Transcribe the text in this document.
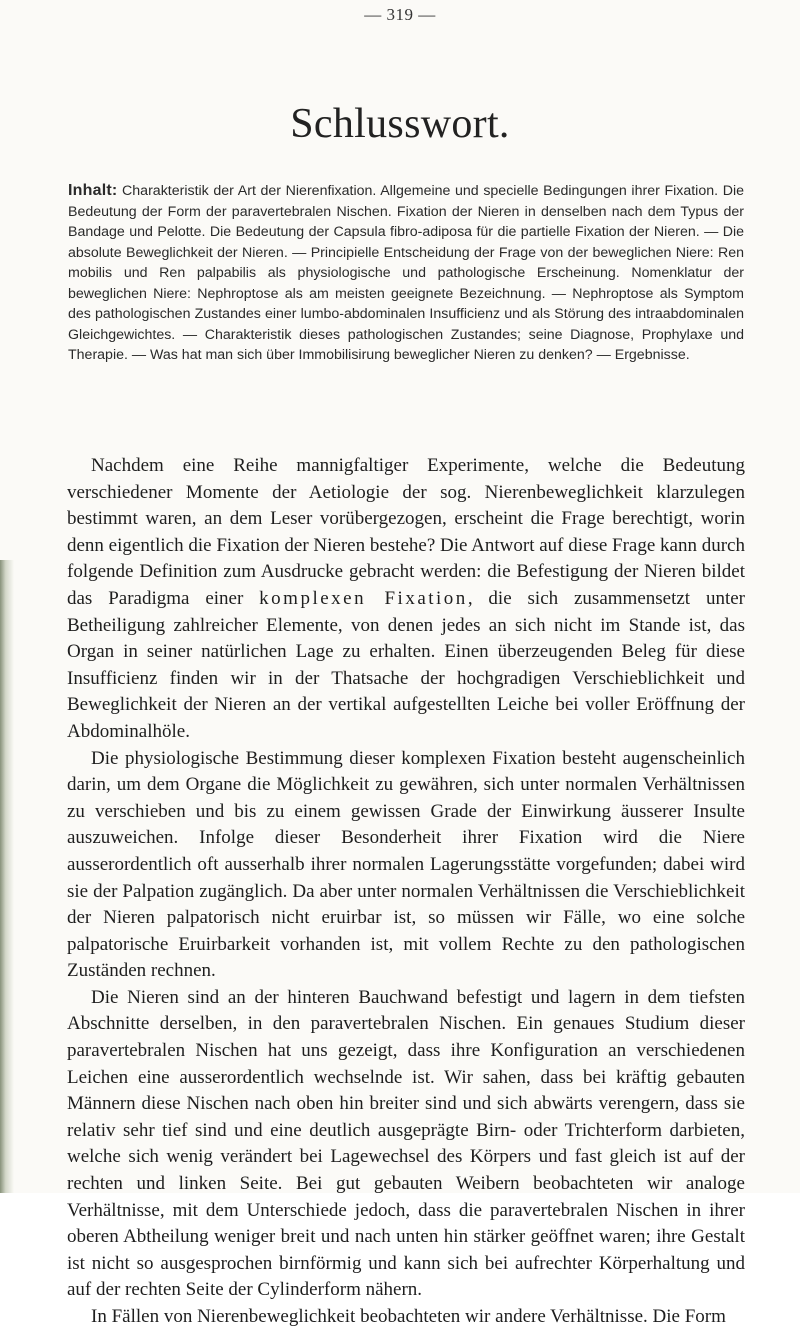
— 319 —
Schlusswort.
Inhalt: Charakteristik der Art der Nierenfixation. Allgemeine und specielle Bedingungen ihrer Fixation. Die Bedeutung der Form der paravertebralen Nischen. Fixation der Nieren in denselben nach dem Typus der Bandage und Pelotte. Die Bedeutung der Capsula fibro-adiposa für die partielle Fixation der Nieren. — Die absolute Beweglichkeit der Nieren. — Principielle Entscheidung der Frage von der beweglichen Niere: Ren mobilis und Ren palpabilis als physiologische und pathologische Erscheinung. Nomenklatur der beweglichen Niere: Nephroptose als am meisten geeignete Bezeichnung. — Nephroptose als Symptom des pathologischen Zustandes einer lumbo-abdominalen Insufficienz und als Störung des intraabdominalen Gleichgewichtes. — Charakteristik dieses pathologischen Zustandes; seine Diagnose, Prophylaxe und Therapie. — Was hat man sich über Immobilisirung beweglicher Nieren zu denken? — Ergebnisse.

Nachdem eine Reihe mannigfaltiger Experimente, welche die Bedeutung verschiedener Momente der Aetiologie der sog. Nierenbeweglichkeit klarzulegen bestimmt waren, an dem Leser vorübergezogen, erscheint die Frage berechtigt, worin denn eigentlich die Fixation der Nieren bestehe? Die Antwort auf diese Frage kann durch folgende Definition zum Ausdrucke gebracht werden: die Befestigung der Nieren bildet das Paradigma einer komplexen Fixation, die sich zusammensetzt unter Betheiligung zahlreicher Elemente, von denen jedes an sich nicht im Stande ist, das Organ in seiner natürlichen Lage zu erhalten. Einen überzeugenden Beleg für diese Insufficienz finden wir in der Thatsache der hochgradigen Verschieblichkeit und Beweglichkeit der Nieren an der vertikal aufgestellten Leiche bei voller Eröffnung der Abdominalhöle.

Die physiologische Bestimmung dieser komplexen Fixation besteht augenscheinlich darin, um dem Organe die Möglichkeit zu gewähren, sich unter normalen Verhältnissen zu verschieben und bis zu einem gewissen Grade der Einwirkung äusserer Insulte auszuweichen. Infolge dieser Besonderheit ihrer Fixation wird die Niere ausserordentlich oft ausserhalb ihrer normalen Lagerungsstätte vorgefunden; dabei wird sie der Palpation zugänglich. Da aber unter normalen Verhältnissen die Verschieblichkeit der Nieren palpatorisch nicht eruirbar ist, so müssen wir Fälle, wo eine solche palpatorische Eruirbarkeit vorhanden ist, mit vollem Rechte zu den pathologischen Zuständen rechnen.

Die Nieren sind an der hinteren Bauchwand befestigt und lagern in dem tiefsten Abschnitte derselben, in den paravertebralen Nischen. Ein genaues Studium dieser paravertebralen Nischen hat uns gezeigt, dass ihre Konfiguration an verschiedenen Leichen eine ausserordentlich wechselnde ist. Wir sahen, dass bei kräftig gebauten Männern diese Nischen nach oben hin breiter sind und sich abwärts verengern, dass sie relativ sehr tief sind und eine deutlich ausgeprägte Birn- oder Trichterform darbieten, welche sich wenig verändert bei Lagewechsel des Körpers und fast gleich ist auf der rechten und linken Seite. Bei gut gebauten Weibern beobachteten wir analoge Verhältnisse, mit dem Unterschiede jedoch, dass die paravertebralen Nischen in ihrer oberen Abtheilung weniger breit und nach unten hin stärker geöffnet waren; ihre Gestalt ist nicht so ausgesprochen birnförmig und kann sich bei aufrechter Körperhaltung und auf der rechten Seite der Cylinderform nähern.

In Fällen von Nierenbeweglichkeit beobachteten wir andere Verhältnisse. Die Form
